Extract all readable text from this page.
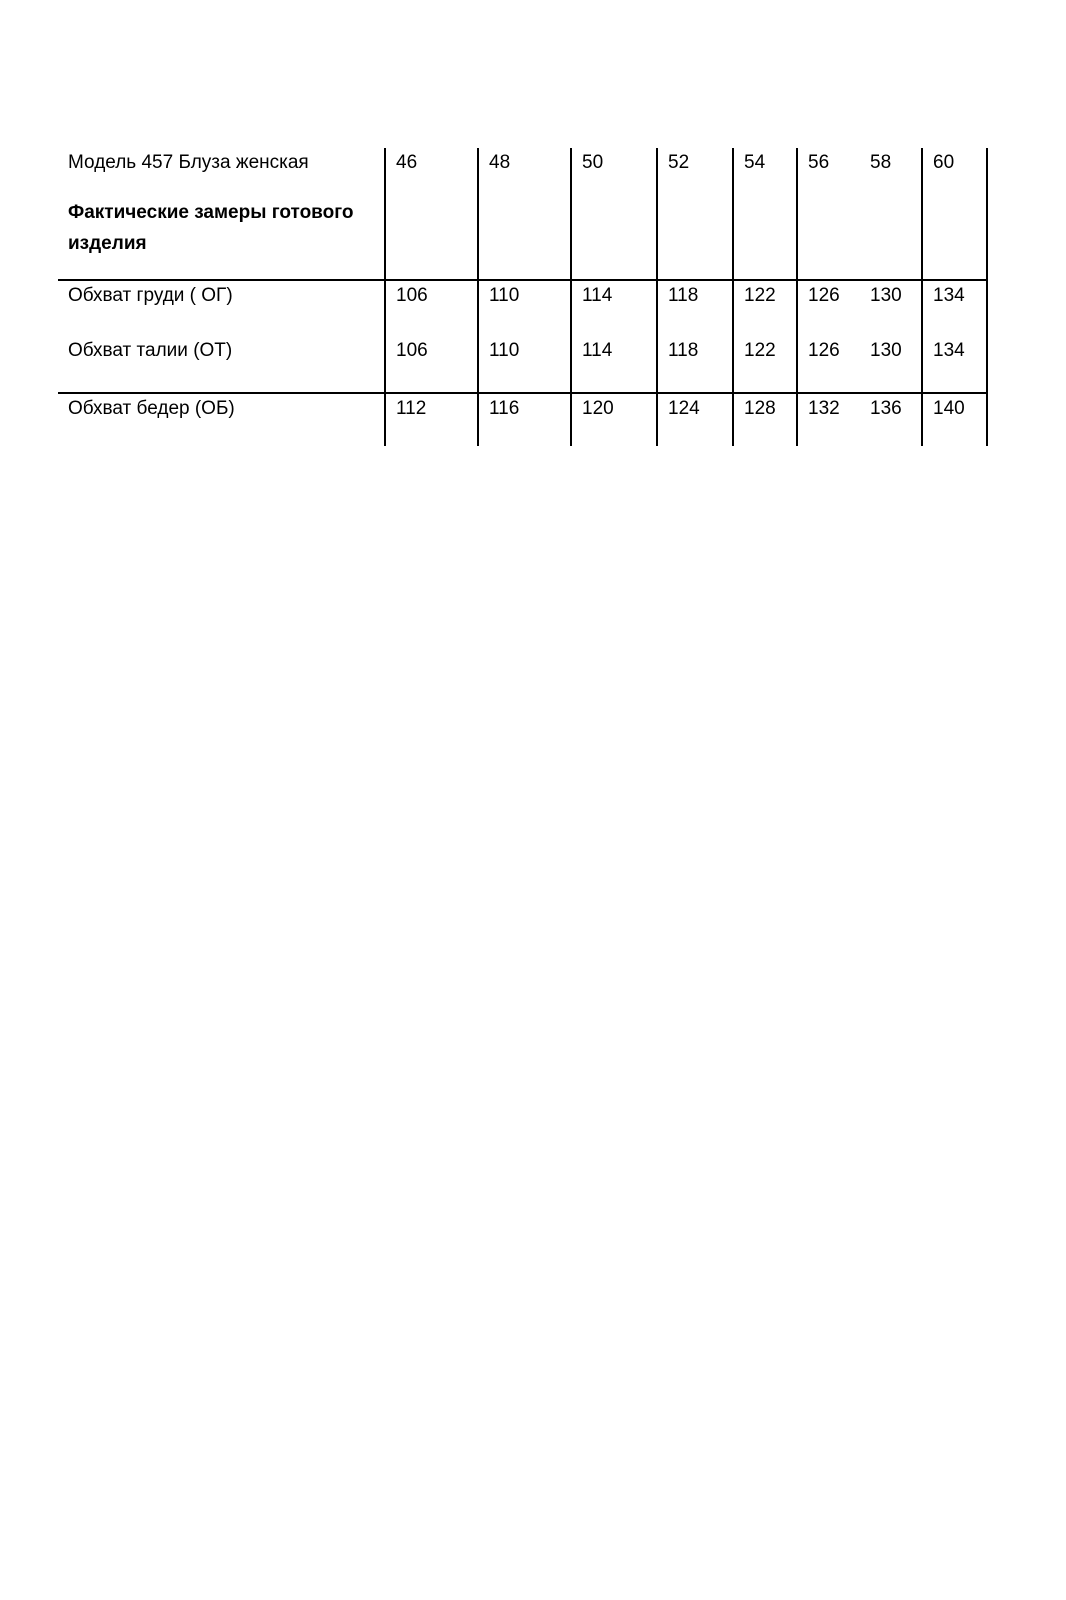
Модель 457 Блуза женская
Фактические замеры готового
изделия
46	48	50	52	54 56 58 60
Обхват груди ( ОГ)	106	110	114	118 122 126 130 134
Обхват талии (ОТ)	106	110	114	118 122 126 130 134
Обхват бедер (ОБ)	112	116	120	124 128 132 136 140
